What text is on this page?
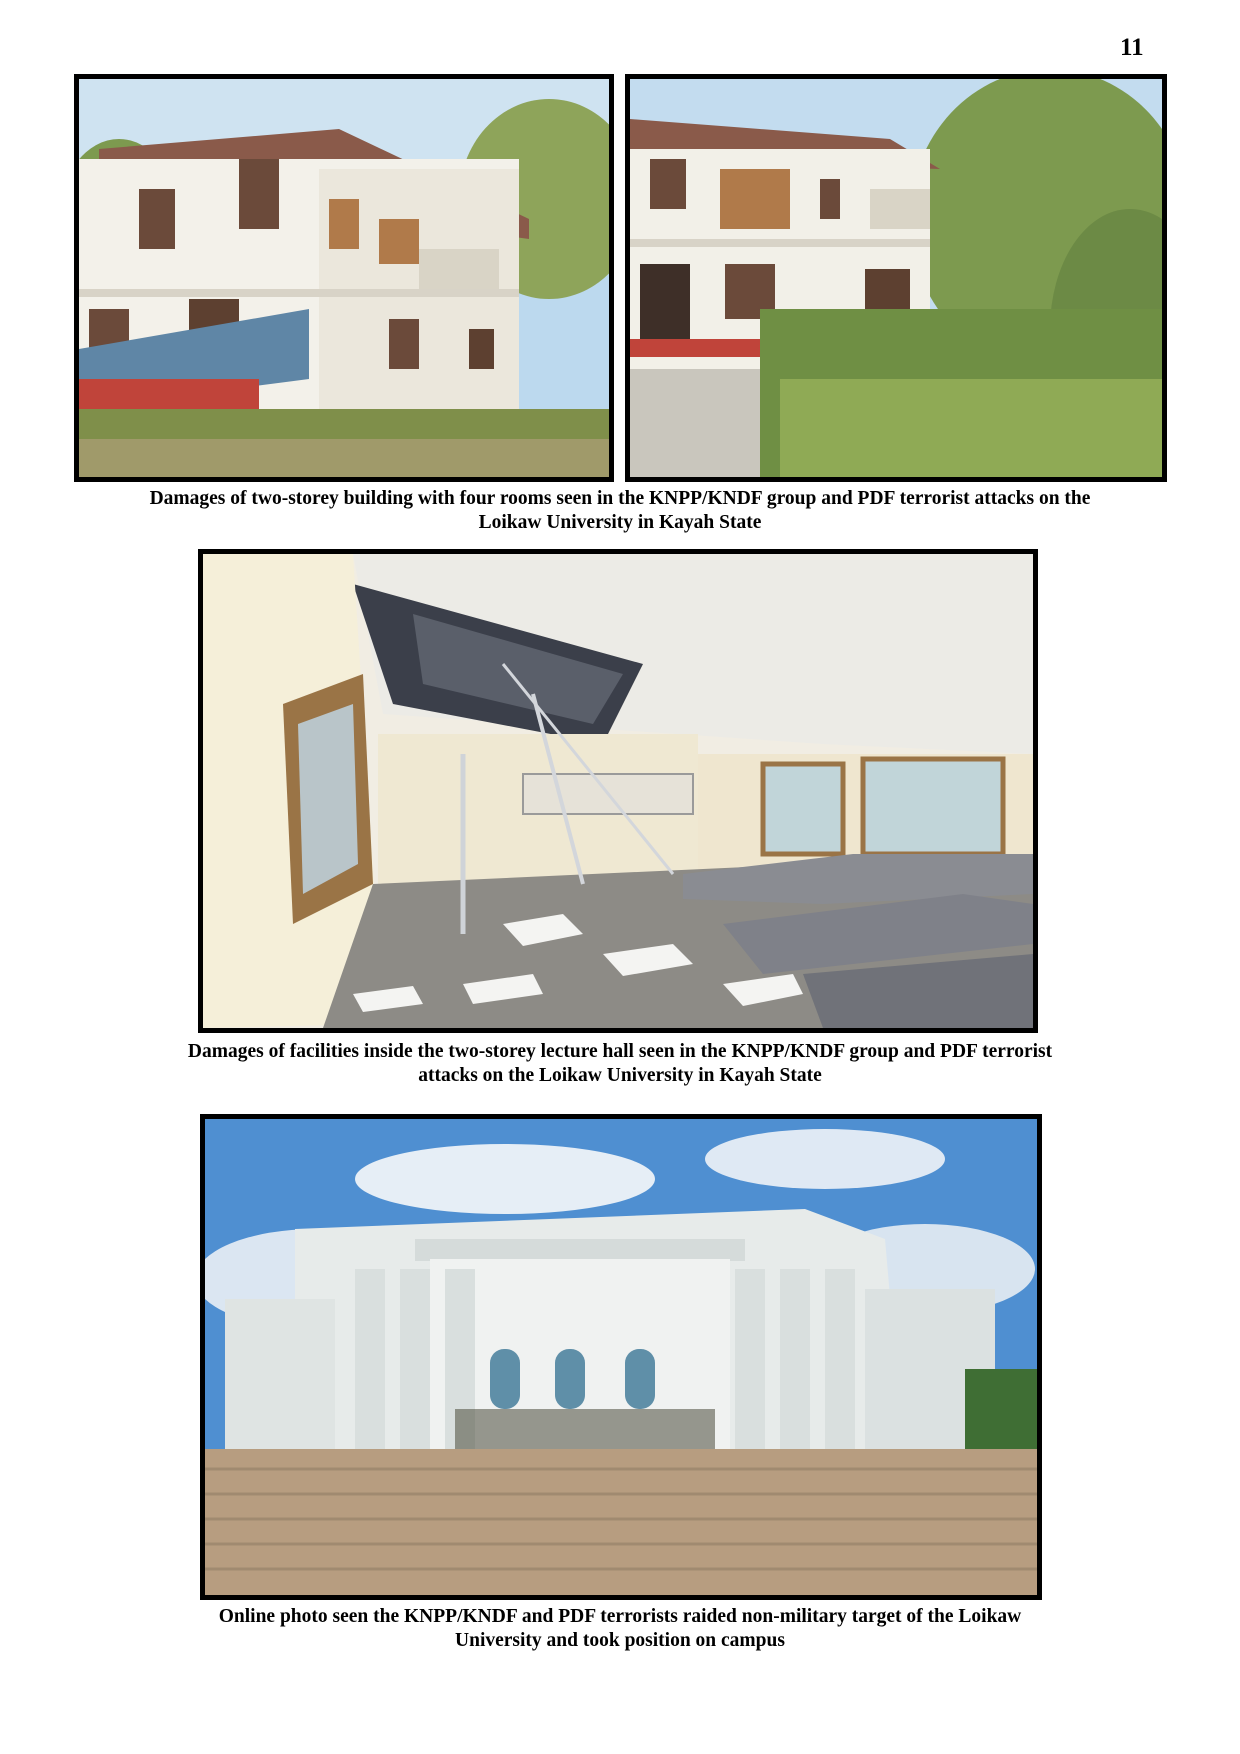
11
Damages of two-storey building with four rooms seen in the KNPP/KNDF group and PDF terrorist attacks on the
Loikaw University in Kayah State
Damages of facilities inside the two-storey lecture hall seen in the KNPP/KNDF group and PDF terrorist
attacks on the Loikaw University in Kayah State
Online photo seen the KNPP/KNDF and PDF terrorists raided non-military target of the Loikaw
University and took position on campus
